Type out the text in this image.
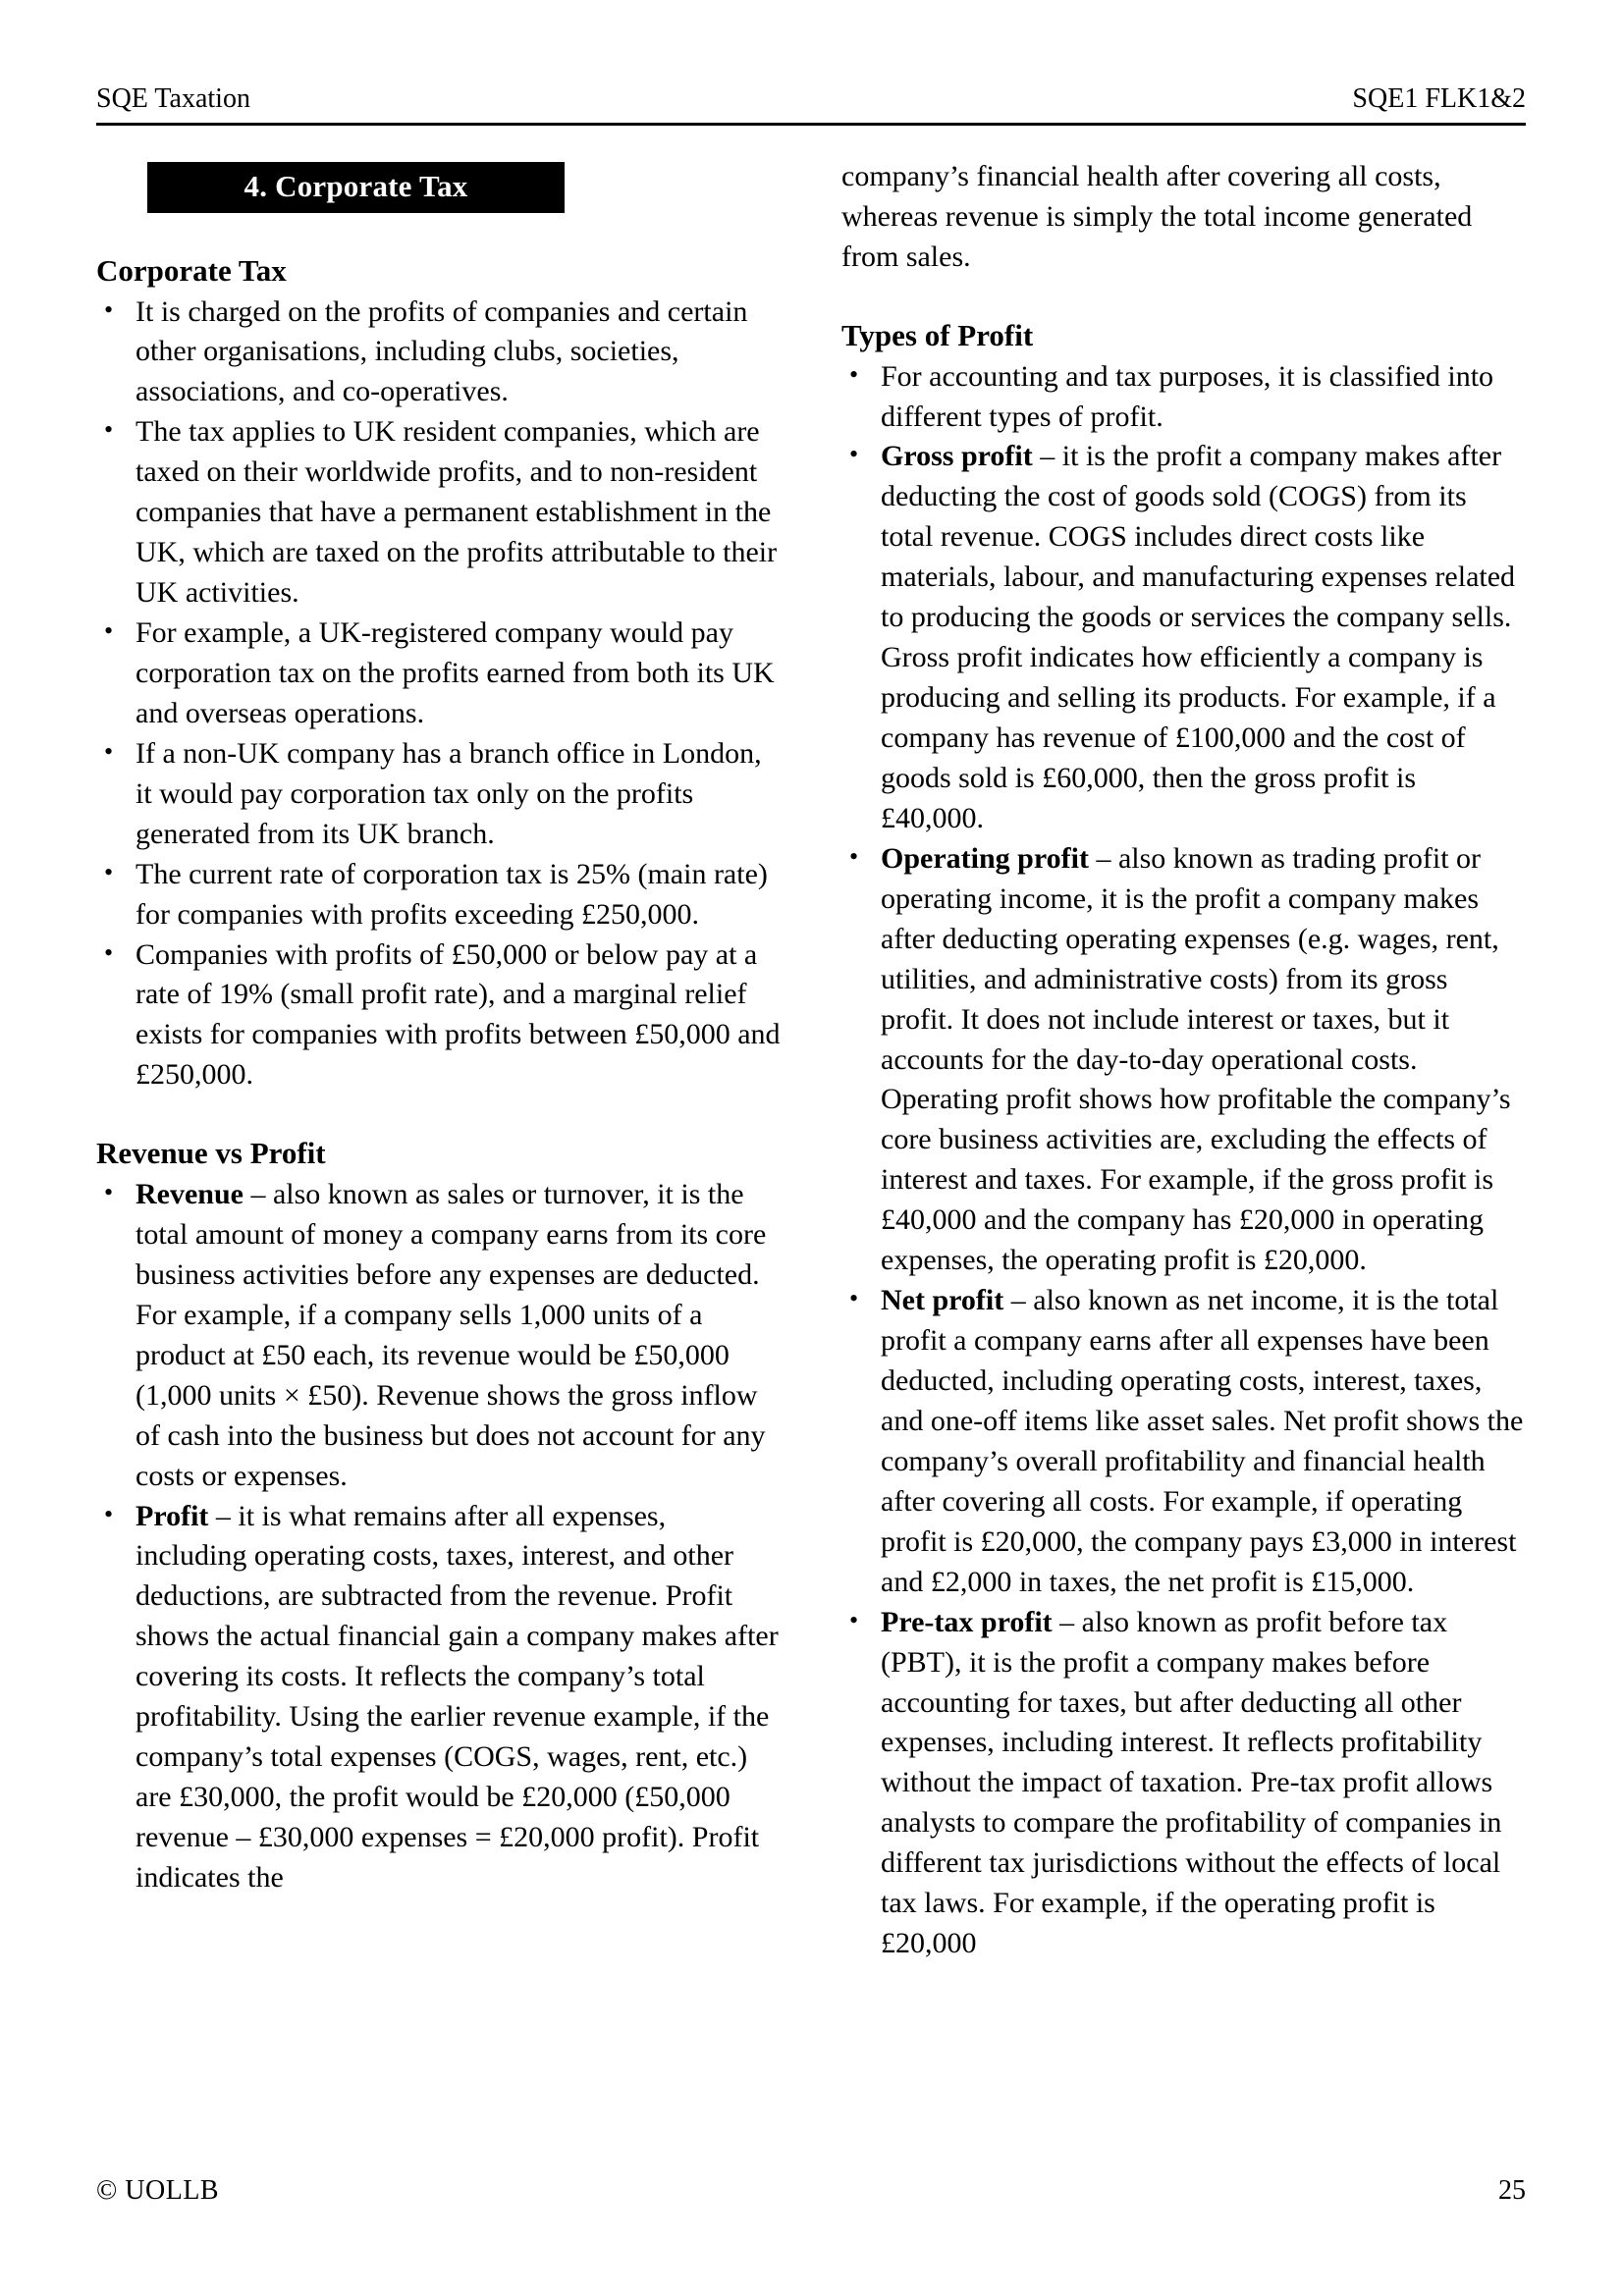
SQE Taxation	SQE1 FLK1&2
4. Corporate Tax
Corporate Tax
• It is charged on the profits of companies and certain other organisations, including clubs, societies, associations, and co-operatives.
• The tax applies to UK resident companies, which are taxed on their worldwide profits, and to non-resident companies that have a permanent establishment in the UK, which are taxed on the profits attributable to their UK activities.
• For example, a UK-registered company would pay corporation tax on the profits earned from both its UK and overseas operations.
• If a non-UK company has a branch office in London, it would pay corporation tax only on the profits generated from its UK branch.
• The current rate of corporation tax is 25% (main rate) for companies with profits exceeding £250,000.
• Companies with profits of £50,000 or below pay at a rate of 19% (small profit rate), and a marginal relief exists for companies with profits between £50,000 and £250,000.
Revenue vs Profit
• Revenue – also known as sales or turnover, it is the total amount of money a company earns from its core business activities before any expenses are deducted. For example, if a company sells 1,000 units of a product at £50 each, its revenue would be £50,000 (1,000 units × £50). Revenue shows the gross inflow of cash into the business but does not account for any costs or expenses.
• Profit – it is what remains after all expenses, including operating costs, taxes, interest, and other deductions, are subtracted from the revenue. Profit shows the actual financial gain a company makes after covering its costs. It reflects the company’s total profitability. Using the earlier revenue example, if the company’s total expenses (COGS, wages, rent, etc.) are £30,000, the profit would be £20,000 (£50,000 revenue – £30,000 expenses = £20,000 profit). Profit indicates the

company’s financial health after covering all costs, whereas revenue is simply the total income generated from sales.

Types of Profit
• For accounting and tax purposes, it is classified into different types of profit.
• Gross profit – it is the profit a company makes after deducting the cost of goods sold (COGS) from its total revenue. COGS includes direct costs like materials, labour, and manufacturing expenses related to producing the goods or services the company sells. Gross profit indicates how efficiently a company is producing and selling its products. For example, if a company has revenue of £100,000 and the cost of goods sold is £60,000, then the gross profit is £40,000.
• Operating profit – also known as trading profit or operating income, it is the profit a company makes after deducting operating expenses (e.g. wages, rent, utilities, and administrative costs) from its gross profit. It does not include interest or taxes, but it accounts for the day-to-day operational costs. Operating profit shows how profitable the company’s core business activities are, excluding the effects of interest and taxes. For example, if the gross profit is £40,000 and the company has £20,000 in operating expenses, the operating profit is £20,000.
• Net profit – also known as net income, it is the total profit a company earns after all expenses have been deducted, including operating costs, interest, taxes, and one-off items like asset sales. Net profit shows the company’s overall profitability and financial health after covering all costs. For example, if operating profit is £20,000, the company pays £3,000 in interest and £2,000 in taxes, the net profit is £15,000.
• Pre-tax profit – also known as profit before tax (PBT), it is the profit a company makes before accounting for taxes, but after deducting all other expenses, including interest. It reflects profitability without the impact of taxation. Pre-tax profit allows analysts to compare the profitability of companies in different tax jurisdictions without the effects of local tax laws. For example, if the operating profit is £20,000
© UOLLB	25
